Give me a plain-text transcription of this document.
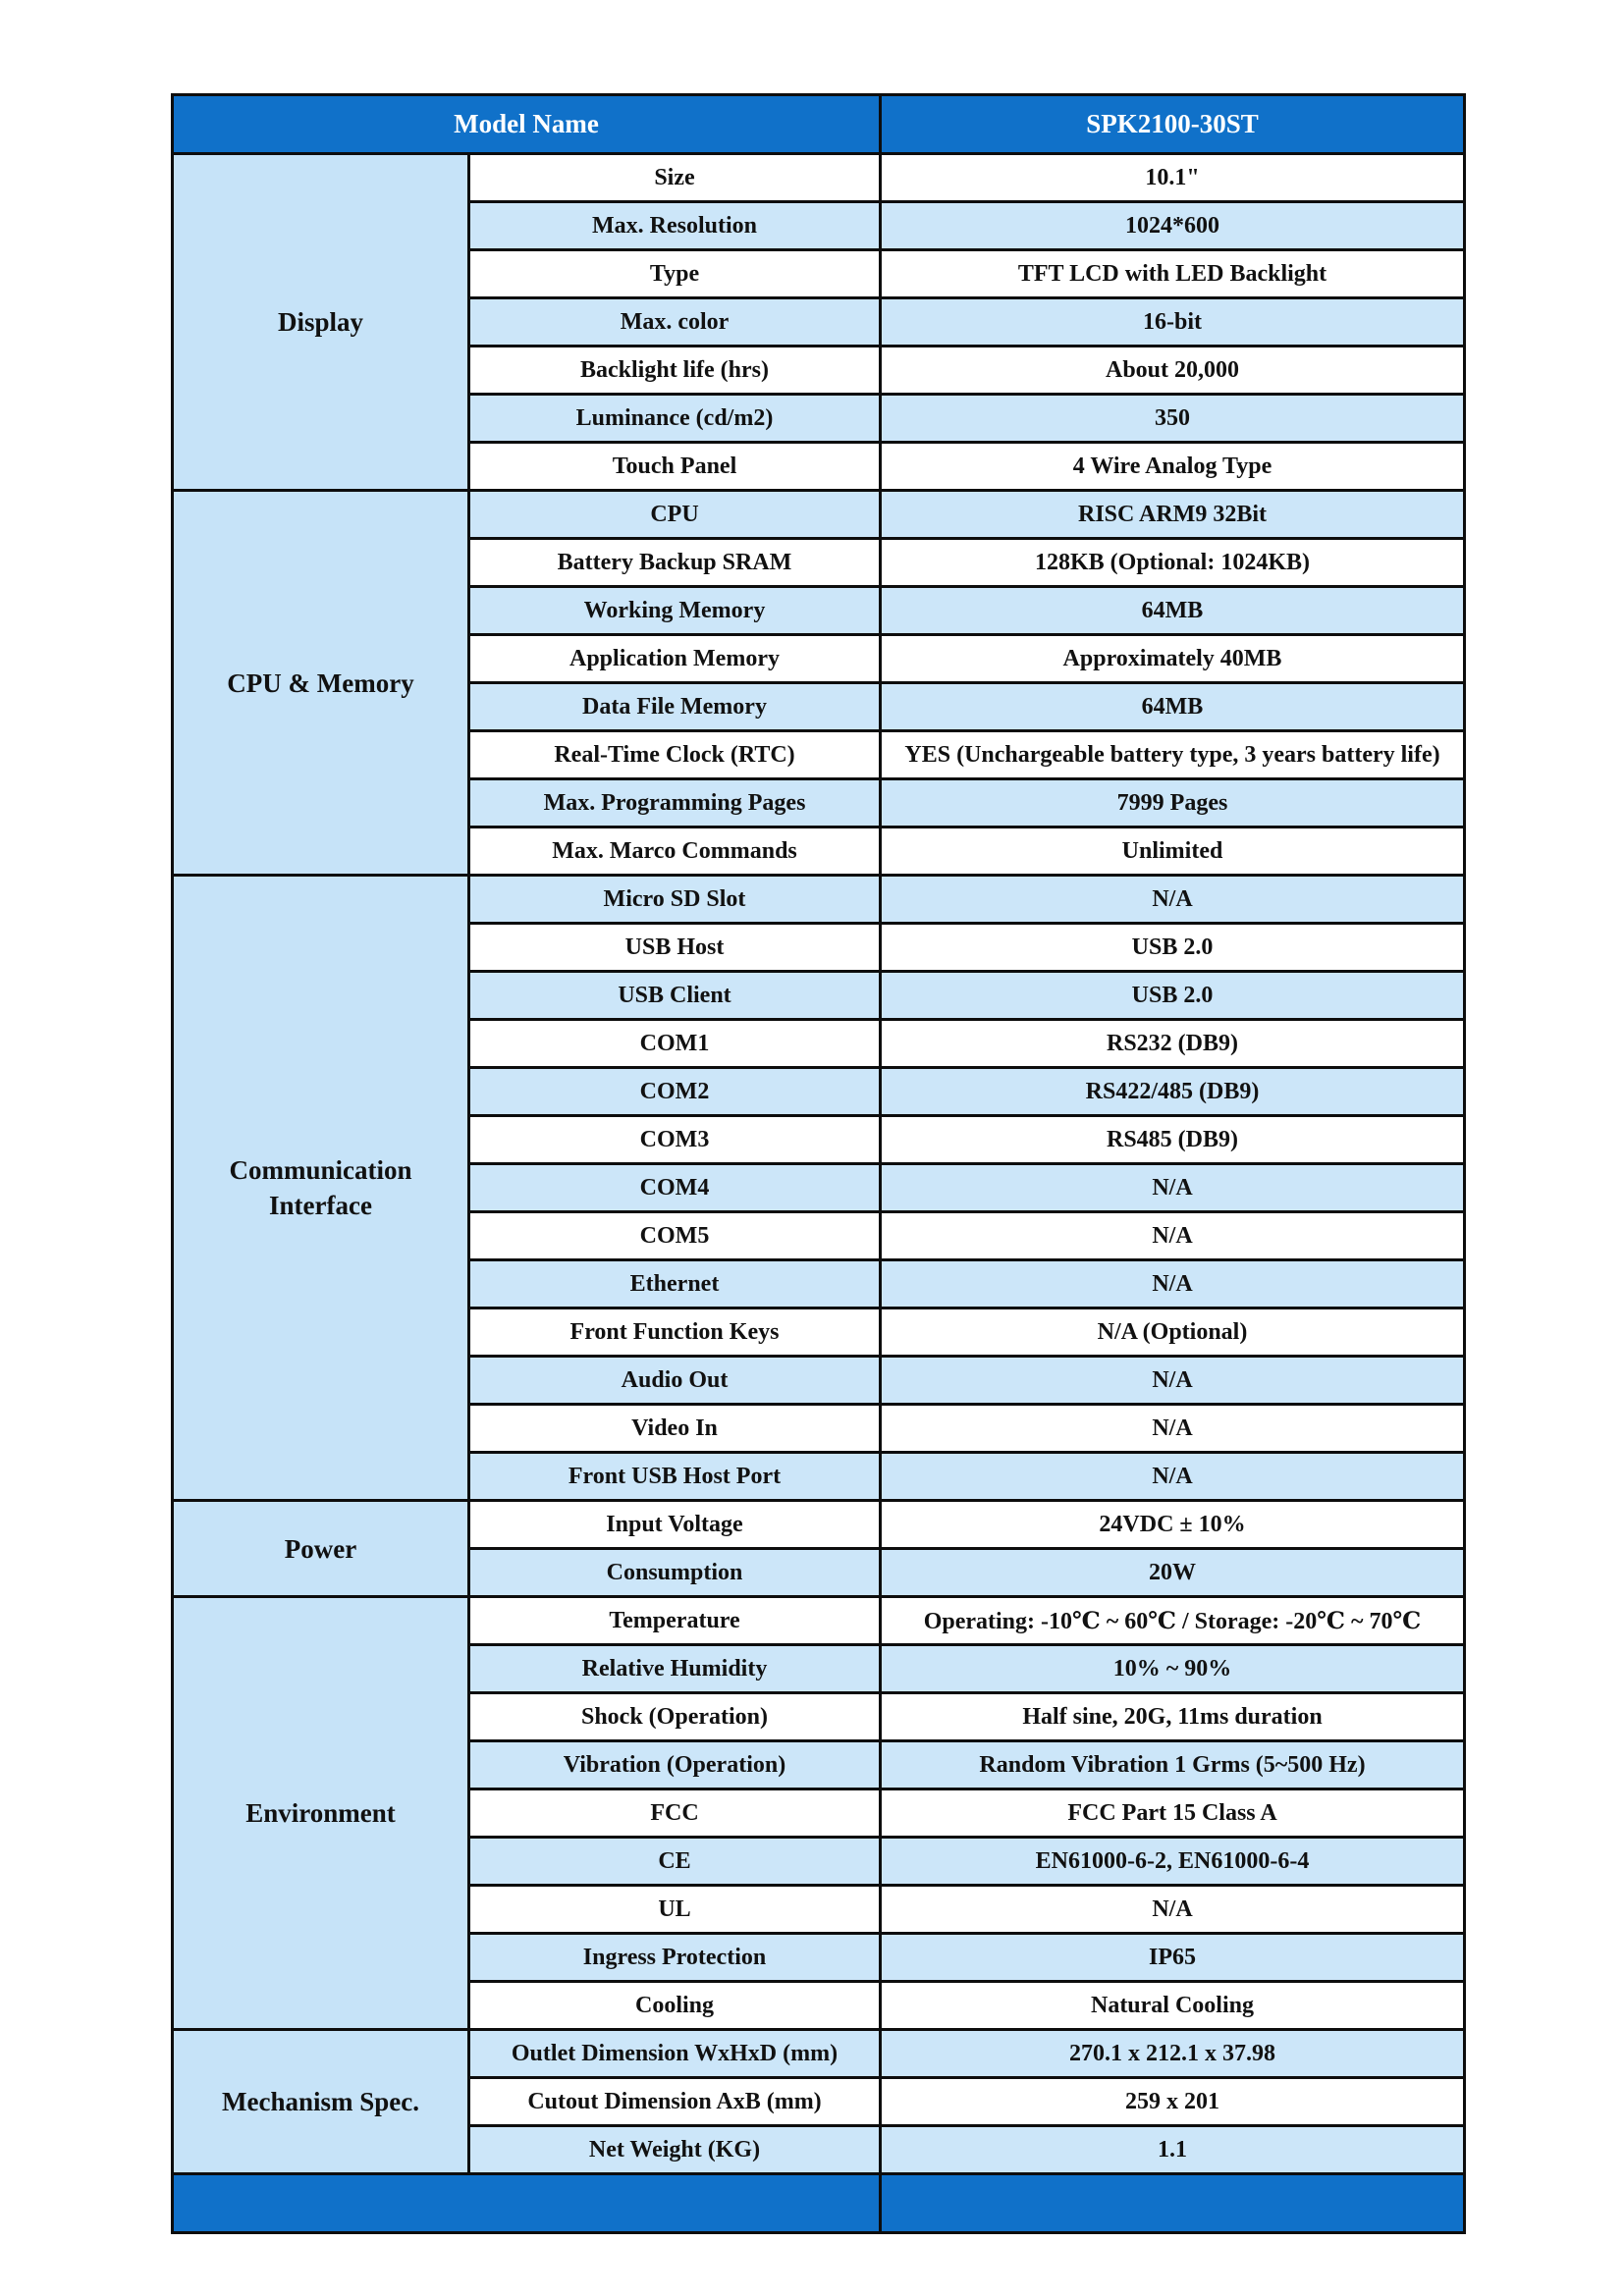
Model Name		SPK2100-30ST
Display	Size	10.1"
	Max. Resolution	1024*600
	Type	TFT LCD with LED Backlight
	Max. color	16-bit
	Backlight life (hrs)	About 20,000
	Luminance (cd/m2)	350
	Touch Panel	4 Wire Analog Type
CPU & Memory	CPU	RISC ARM9 32Bit
	Battery Backup SRAM	128KB (Optional: 1024KB)
	Working Memory	64MB
	Application Memory	Approximately 40MB
	Data File Memory	64MB
	Real-Time Clock (RTC)	YES (Unchargeable battery type, 3 years battery life)
	Max. Programming Pages	7999 Pages
	Max. Marco Commands	Unlimited
Communication Interface	Micro SD Slot	N/A
	USB Host	USB 2.0
	USB Client	USB 2.0
	COM1	RS232 (DB9)
	COM2	RS422/485 (DB9)
	COM3	RS485 (DB9)
	COM4	N/A
	COM5	N/A
	Ethernet	N/A
	Front Function Keys	N/A (Optional)
	Audio Out	N/A
	Video In	N/A
	Front USB Host Port	N/A
Power	Input Voltage	24VDC ± 10%
	Consumption	20W
Environment	Temperature	Operating: -10℃ ~ 60℃ / Storage: -20℃ ~ 70℃
	Relative Humidity	10% ~ 90%
	Shock (Operation)	Half sine, 20G, 11ms duration
	Vibration (Operation)	Random Vibration 1 Grms (5~500 Hz)
	FCC	FCC Part 15 Class A
	CE	EN61000-6-2, EN61000-6-4
	UL	N/A
	Ingress Protection	IP65
	Cooling	Natural Cooling
Mechanism Spec.	Outlet Dimension WxHxD (mm)	270.1 x 212.1 x 37.98
	Cutout Dimension AxB (mm)	259 x 201
	Net Weight (KG)	1.1
